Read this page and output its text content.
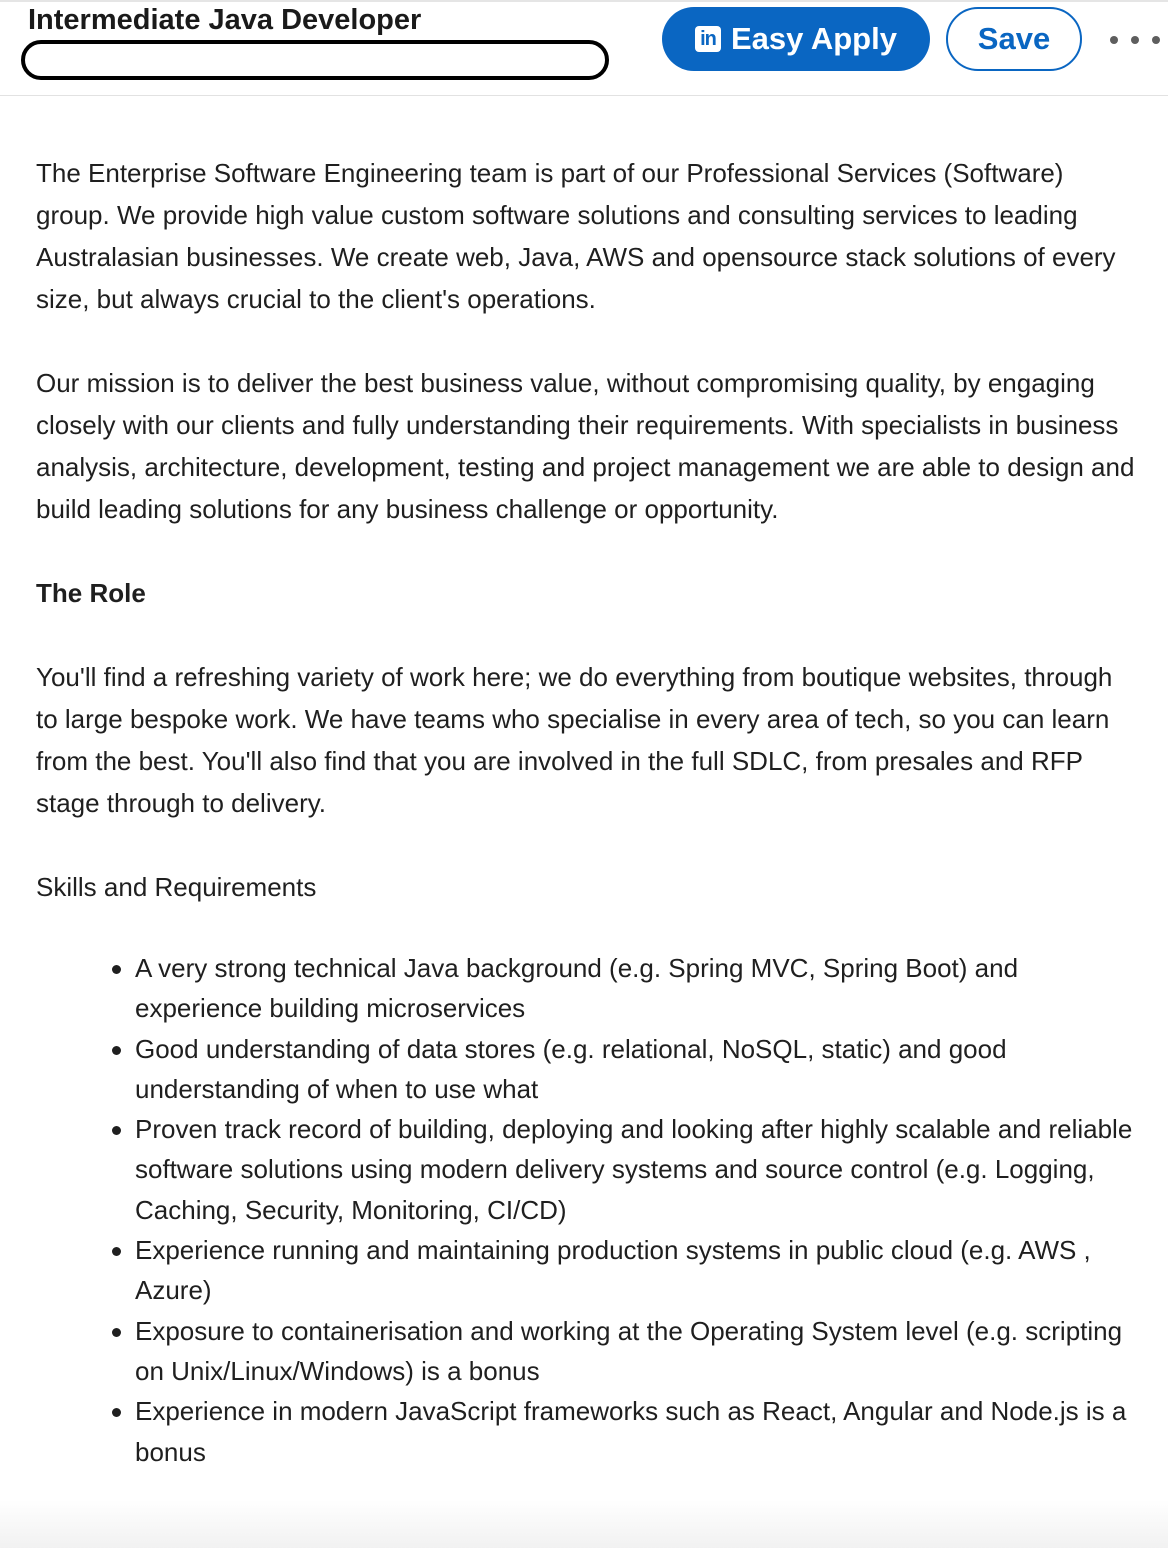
Intermediate Java Developer
in Easy Apply	Save

The Enterprise Software Engineering team is part of our Professional Services (Software) group. We provide high value custom software solutions and consulting services to leading Australasian businesses. We create web, Java, AWS and opensource stack solutions of every size, but always crucial to the client's operations.

Our mission is to deliver the best business value, without compromising quality, by engaging closely with our clients and fully understanding their requirements. With specialists in business analysis, architecture, development, testing and project management we are able to design and build leading solutions for any business challenge or opportunity.

The Role

You'll find a refreshing variety of work here; we do everything from boutique websites, through to large bespoke work. We have teams who specialise in every area of tech, so you can learn from the best. You'll also find that you are involved in the full SDLC, from presales and RFP stage through to delivery.

Skills and Requirements

A very strong technical Java background (e.g. Spring MVC, Spring Boot) and experience building microservices
Good understanding of data stores (e.g. relational, NoSQL, static) and good understanding of when to use what
Proven track record of building, deploying and looking after highly scalable and reliable software solutions using modern delivery systems and source control (e.g. Logging, Caching, Security, Monitoring, CI/CD)
Experience running and maintaining production systems in public cloud (e.g. AWS , Azure)
Exposure to containerisation and working at the Operating System level (e.g. scripting on Unix/Linux/Windows) is a bonus
Experience in modern JavaScript frameworks such as React, Angular and Node.js is a bonus
